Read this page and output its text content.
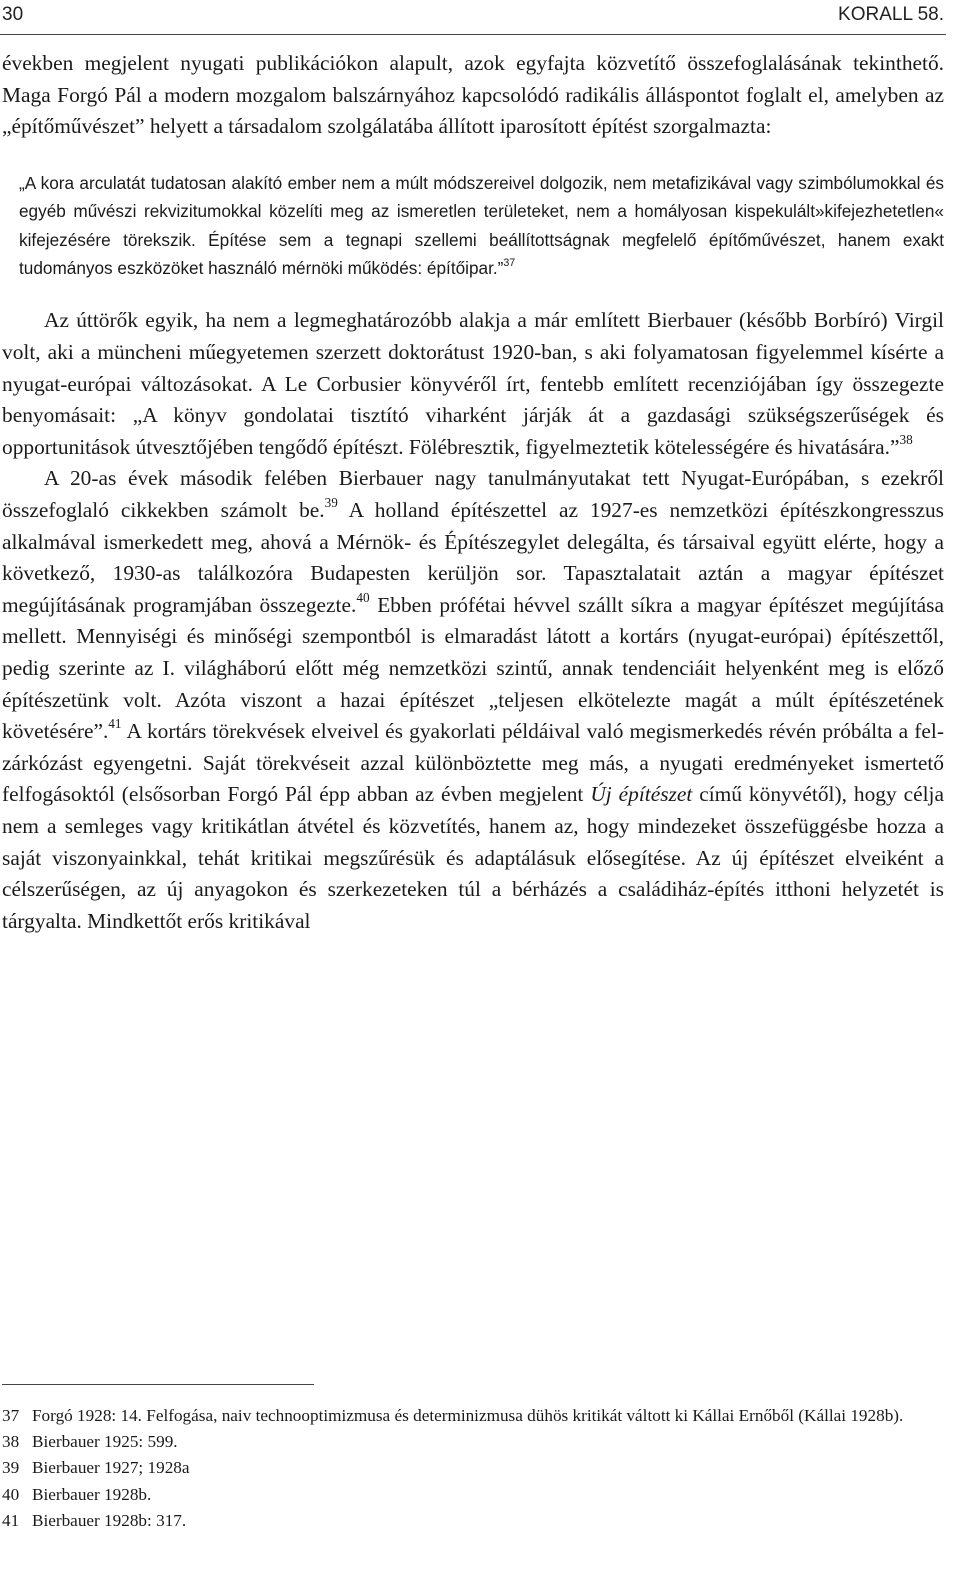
30	KORALL 58.

években megjelent nyugati publikációkon alapult, azok egyfajta közvetítő összefoglalásának tekinthető. Maga Forgó Pál a modern mozgalom balszárnyához kapcsolódó radikális álláspontot foglalt el, amelyben az „építőművészet” helyett a társadalom szolgálatába állított iparosított építést szorgalmazta:

„A kora arculatát tudatosan alakító ember nem a múlt módszereivel dolgozik, nem metafizikával vagy szimbólumokkal és egyéb művészi rekvizitumokkal közelíti meg az ismeretlen területeket, nem a homályosan kispekulált»kifejezhetetlen« kifejezésére törekszik. Építése sem a tegnapi szellemi beállítottságnak megfelelő építőművészet, hanem exakt tudományos eszközöket használó mérnöki működés: építőipar.”$^{37}$

Az úttörők egyik, ha nem a legmeghatározóbb alakja a már említett Bierbauer (később Borbíró) Virgil volt, aki a müncheni műegyetemen szerzett doktorátust 1920-ban, s aki folyamatosan figyelemmel kísérte a nyugat-európai változásokat. A Le Corbusier könyvéről írt, fentebb említett recenziójában így összegezte benyomásait: „A könyv gondolatai tisztító viharként járják át a gazdasági szükségszerűségek és opportunitások útvesztőjében tengődő építészt. Fölébresztik, figyelmeztetik kötelességére és hivatására.”$^{38}$

A 20-as évek második felében Bierbauer nagy tanulmányutakat tett Nyugat-Európában, s ezekről összefoglaló cikkekben számolt be.$^{39}$ A holland építészettel az 1927-es nemzetközi építészkongresszus alkalmával ismerkedett meg, ahová a Mérnök- és Építészegylet delegálta, és társaival együtt elérte, hogy a következő, 1930-as találkozóra Budapesten kerüljön sor. Tapasztalatait aztán a magyar építészet megújításának programjában összegezte.$^{40}$ Ebben prófétai hévvel szállt síkra a magyar építészet megújítása mellett. Mennyiségi és minőségi szempontból is elmaradást látott a kortárs (nyugat-európai) építészettől, pedig szerinte az I. világháború előtt még nemzetközi szintű, annak tendenciáit helyenként meg is előző építészetünk volt. Azóta viszont a hazai építészet „teljesen elkötelezte magát a múlt építészetének követésére”.$^{41}$ A kortárs törekvések elveivel és gyakorlati példáival való megismerkedés révén próbálta a felzárkózást egyengetni. Saját törekvéseit azzal különböztette meg más, a nyugati eredményeket ismertető felfogásoktól (elsősorban Forgó Pál épp abban az évben megjelent Új építészet című könyvétől), hogy célja nem a semleges vagy kritikátlan átvétel és közvetítés, hanem az, hogy mindezeket összefüggésbe hozza a saját viszonyainkkal, tehát kritikai megszűrésük és adaptálásuk elősegítése. Az új építészet elveiként a célszerűségen, az új anyagokon és szerkezeteken túl a bérházés a családiház-építés itthoni helyzetét is tárgyalta. Mindkettőt erős kritikával

37 Forgó 1928: 14. Felfogása, naiv technooptimizmusa és determinizmusa dühös kritikát váltott ki Kállai Ernőből (Kállai 1928b).
38 Bierbauer 1925: 599.
39 Bierbauer 1927; 1928a
40 Bierbauer 1928b.
41 Bierbauer 1928b: 317.
